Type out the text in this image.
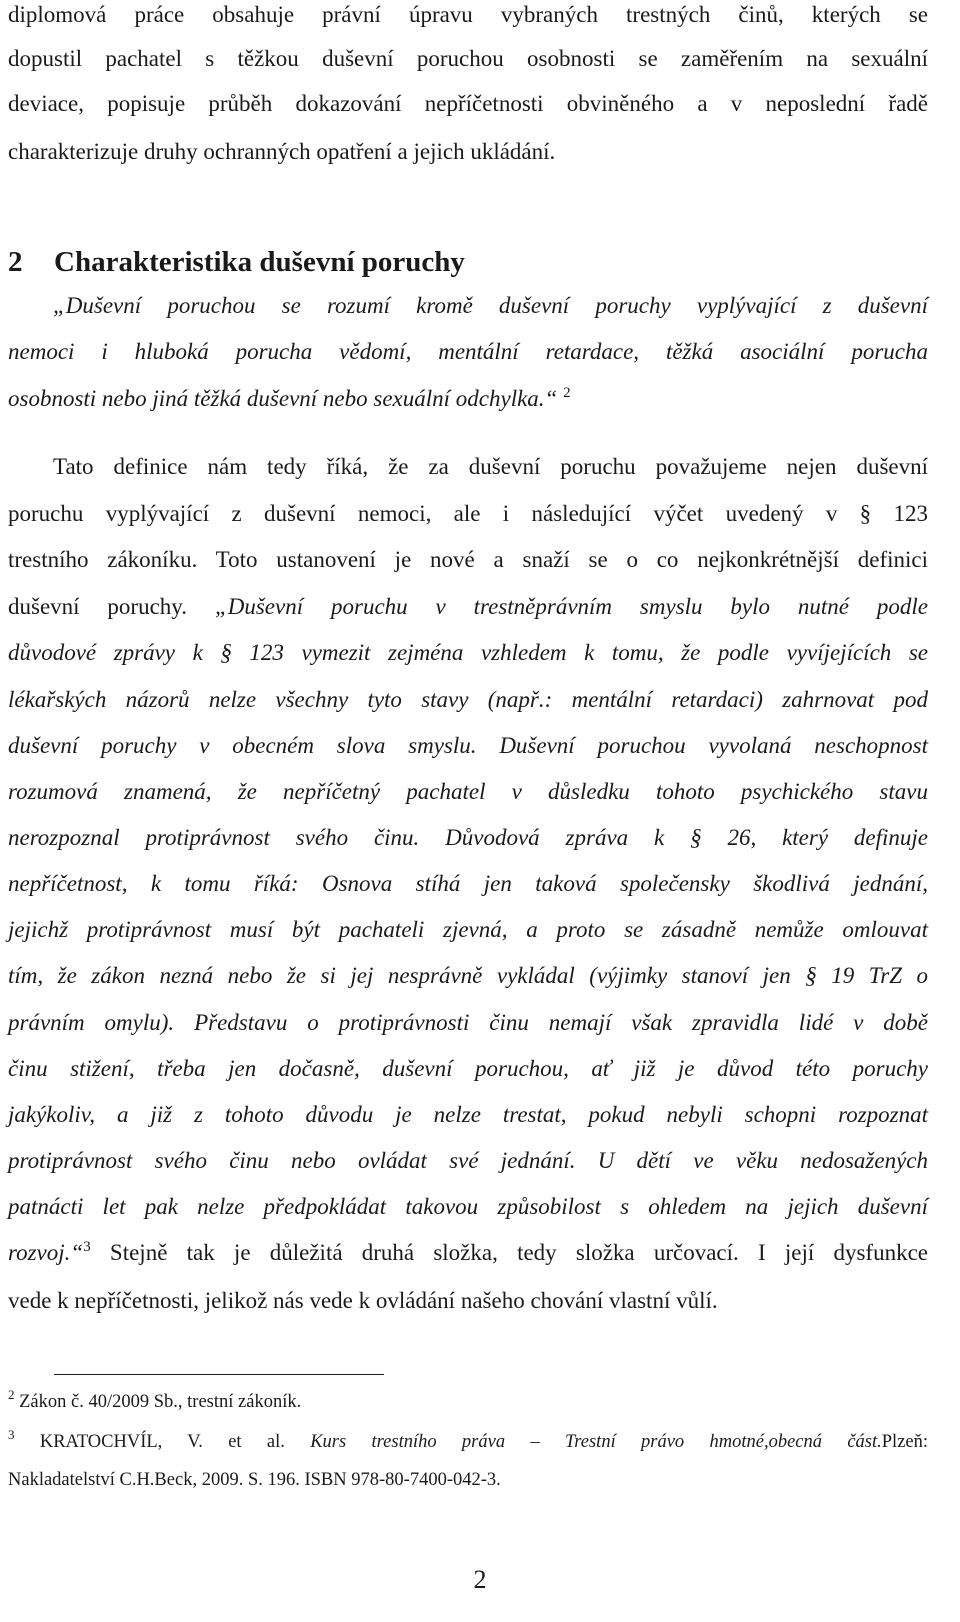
diplomová práce obsahuje právní úpravu vybraných trestných činů, kterých se
dopustil pachatel s těžkou duševní poruchou osobnosti se zaměřením na sexuální
deviace, popisuje průběh dokazování nepříčetnosti obviněného a v neposlední řadě
charakterizuje druhy ochranných opatření a jejich ukládání.
2 Charakteristika duševní poruchy
„Duševní poruchou se rozumí kromě duševní poruchy vyplývající z duševní
nemoci i hluboká porucha vědomí, mentální retardace, těžká asociální porucha
osobnosti nebo jiná těžká duševní nebo sexuální odchylka.“ $^2$
Tato definice nám tedy říká, že za duševní poruchu považujeme nejen duševní
poruchu vyplývající z duševní nemoci, ale i následující výčet uvedený v § 123
trestního zákoníku. Toto ustanovení je nové a snaží se o co nejkonkrétnější definici
duševní poruchy. „Duševní poruchu v trestněprávním smyslu bylo nutné podle
důvodové zprávy k § 123 vymezit zejména vzhledem k tomu, že podle vyvíjejících se
lékařských názorů nelze všechny tyto stavy (např.: mentální retardaci) zahrnovat pod
duševní poruchy v obecném slova smyslu. Duševní poruchou vyvolaná neschopnost
rozumová znamená, že nepříčetný pachatel v důsledku tohoto psychického stavu
nerozpoznal protiprávnost svého činu. Důvodová zpráva k § 26, který definuje
nepříčetnost, k tomu říká: Osnova stíhá jen taková společensky škodlivá jednání,
jejichž protiprávnost musí být pachateli zjevná, a proto se zásadně nemůže omlouvat
tím, že zákon nezná nebo že si jej nesprávně vykládal (výjimky stanoví jen § 19 TrZ o
právním omylu). Představu o protiprávnosti činu nemají však zpravidla lidé v době
činu stižení, třeba jen dočasně, duševní poruchou, ať již je důvod této poruchy
jakýkoliv, a již z tohoto důvodu je nelze trestat, pokud nebyli schopni rozpoznat
protiprávnost svého činu nebo ovládat své jednání. U dětí ve věku nedosažených
patnácti let pak nelze předpokládat takovou způsobilost s ohledem na jejich duševní
rozvoj.“$^3$ Stejně tak je důležitá druhá složka, tedy složka určovací. I její dysfunkce
vede k nepříčetnosti, jelikož nás vede k ovládání našeho chování vlastní vůlí.
$^2$ Zákon č. 40/2009 Sb., trestní zákoník.
$^3$ KRATOCHVÍL, V. et al. Kurs trestního práva – Trestní právo hmotné,obecná část.Plzeň:
Nakladatelství C.H.Beck, 2009. S. 196. ISBN 978-80-7400-042-3.
2
